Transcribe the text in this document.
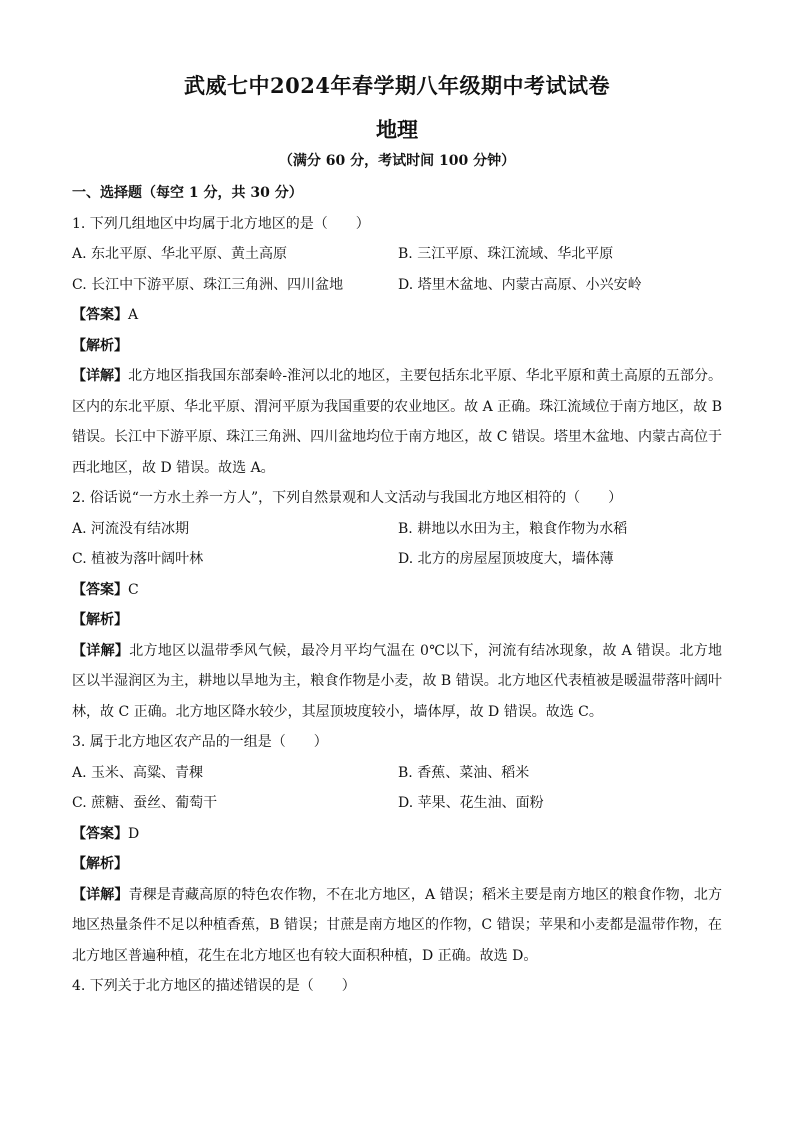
武威七中2024年春学期八年级期中考试试卷
地理
（满分 60 分，考试时间 100 分钟）
一、选择题（每空 1 分，共 30 分）
1. 下列几组地区中均属于北方地区的是（　　）
A. 东北平原、华北平原、黄土高原	B. 三江平原、珠江流域、华北平原
C. 长江中下游平原、珠江三角洲、四川盆地	D. 塔里木盆地、内蒙古高原、小兴安岭
【答案】A
【解析】
【详解】北方地区指我国东部秦岭-淮河以北的地区，主要包括东北平原、华北平原和黄土高原的五部分。区内的东北平原、华北平原、渭河平原为我国重要的农业地区。故 A 正确。珠江流域位于南方地区，故 B 错误。长江中下游平原、珠江三角洲、四川盆地均位于南方地区，故 C 错误。塔里木盆地、内蒙古高位于西北地区，故 D 错误。故选 A。
2. 俗话说“一方水土养一方人”，下列自然景观和人文活动与我国北方地区相符的（　　）
A. 河流没有结冰期	B. 耕地以水田为主，粮食作物为水稻
C. 植被为落叶阔叶林	D. 北方的房屋屋顶坡度大，墙体薄
【答案】C
【解析】
【详解】北方地区以温带季风气候，最冷月平均气温在 0℃以下，河流有结冰现象，故 A 错误。北方地区以半湿润区为主，耕地以旱地为主，粮食作物是小麦，故 B 错误。北方地区代表植被是暖温带落叶阔叶林，故 C 正确。北方地区降水较少，其屋顶坡度较小，墙体厚，故 D 错误。故选 C。
3. 属于北方地区农产品的一组是（　　）
A. 玉米、高粱、青稞	B. 香蕉、菜油、稻米
C. 蔗糖、蚕丝、葡萄干	D. 苹果、花生油、面粉
【答案】D
【解析】
【详解】青稞是青藏高原的特色农作物，不在北方地区，A 错误；稻米主要是南方地区的粮食作物，北方地区热量条件不足以种植香蕉，B 错误；甘蔗是南方地区的作物，C 错误；苹果和小麦都是温带作物，在北方地区普遍种植，花生在北方地区也有较大面积种植，D 正确。故选 D。
4. 下列关于北方地区的描述错误的是（　　）
